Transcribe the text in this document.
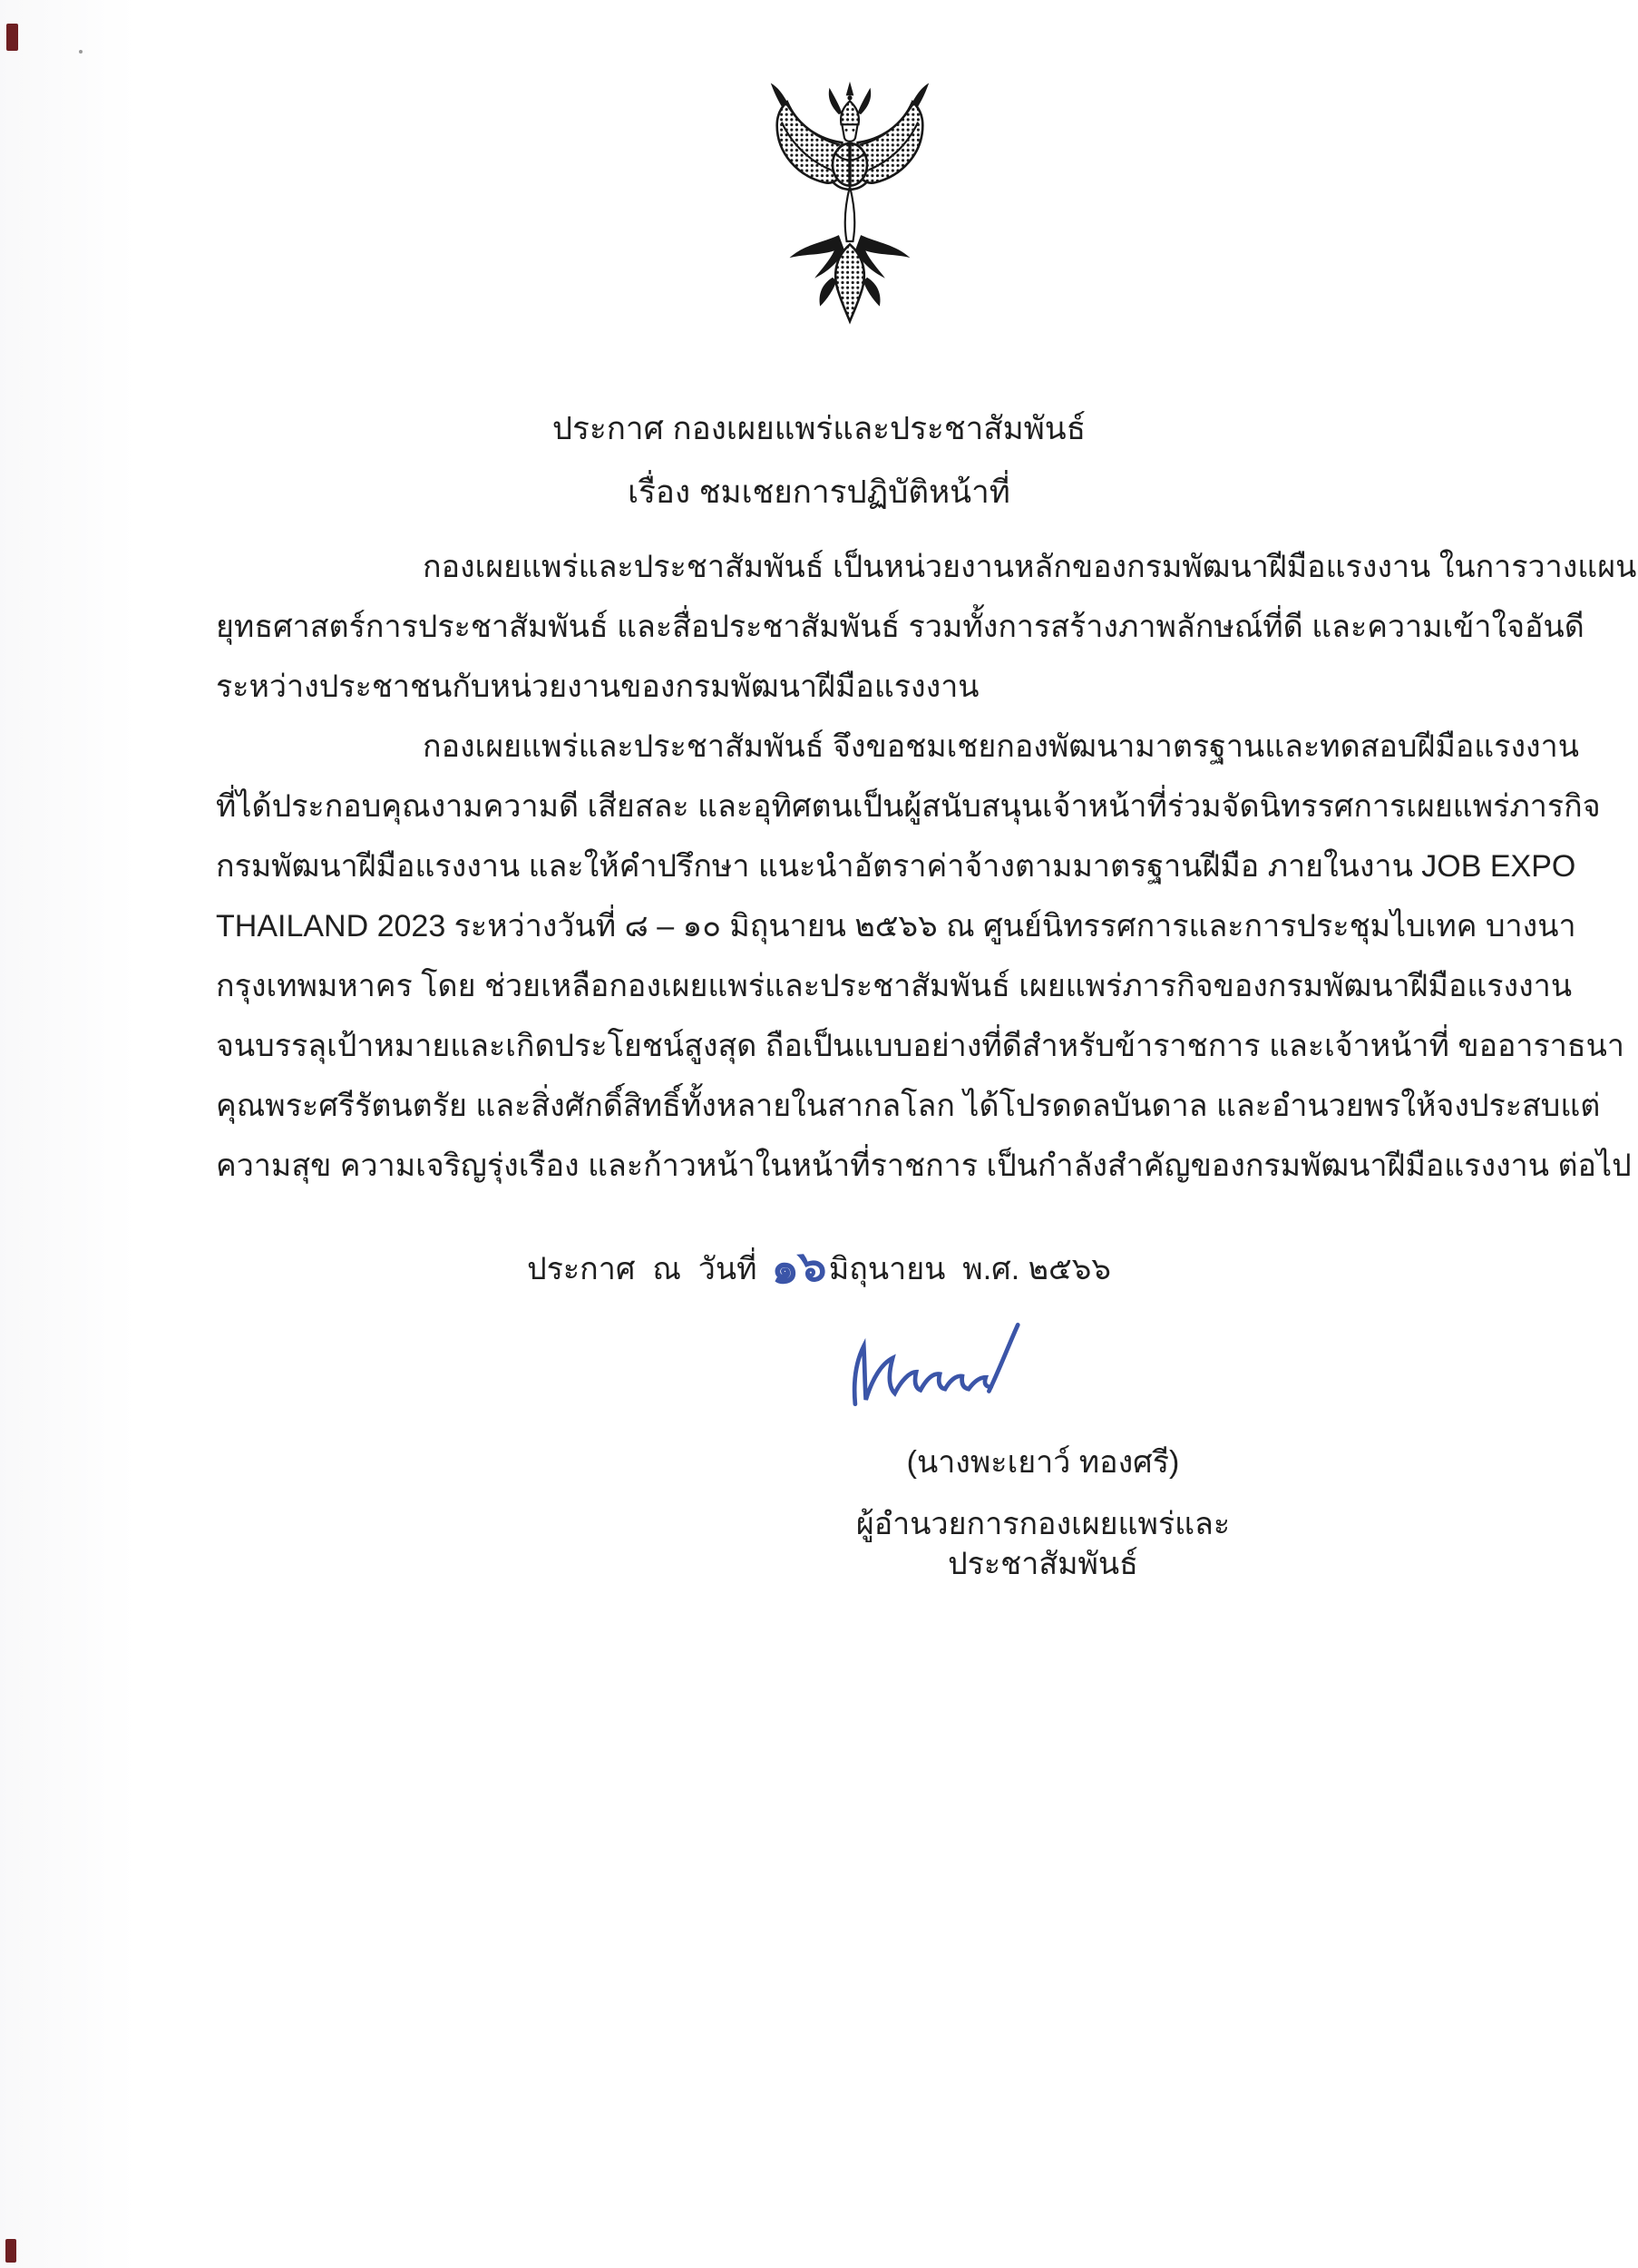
ประกาศ กองเผยแพร่และประชาสัมพันธ์
เรื่อง ชมเชยการปฏิบัติหน้าที่
กองเผยแพร่และประชาสัมพันธ์ เป็นหน่วยงานหลักของกรมพัฒนาฝีมือแรงงาน ในการวางแผน
ยุทธศาสตร์การประชาสัมพันธ์ และสื่อประชาสัมพันธ์ รวมทั้งการสร้างภาพลักษณ์ที่ดี และความเข้าใจอันดี
ระหว่างประชาชนกับหน่วยงานของกรมพัฒนาฝีมือแรงงาน
กองเผยแพร่และประชาสัมพันธ์ จึงขอชมเชยกองพัฒนามาตรฐานและทดสอบฝีมือแรงงาน
ที่ได้ประกอบคุณงามความดี เสียสละ และอุทิศตนเป็นผู้สนับสนุนเจ้าหน้าที่ร่วมจัดนิทรรศการเผยแพร่ภารกิจ
กรมพัฒนาฝีมือแรงงาน และให้คำปรึกษา แนะนำอัตราค่าจ้างตามมาตรฐานฝีมือ ภายในงาน JOB EXPO
THAILAND 2023 ระหว่างวันที่ ๘ – ๑๐ มิถุนายน ๒๕๖๖ ณ ศูนย์นิทรรศการและการประชุมไบเทค บางนา
กรุงเทพมหาคร โดย ช่วยเหลือกองเผยแพร่และประชาสัมพันธ์ เผยแพร่ภารกิจของกรมพัฒนาฝีมือแรงงาน
จนบรรลุเป้าหมายและเกิดประโยชน์สูงสุด ถือเป็นแบบอย่างที่ดีสำหรับข้าราชการ และเจ้าหน้าที่ ขออาราธนา
คุณพระศรีรัตนตรัย และสิ่งศักดิ์สิทธิ์ทั้งหลายในสากลโลก ได้โปรดดลบันดาล และอำนวยพรให้จงประสบแต่
ความสุข ความเจริญรุ่งเรือง และก้าวหน้าในหน้าที่ราชการ เป็นกำลังสำคัญของกรมพัฒนาฝีมือแรงงาน ต่อไป
ประกาศ  ณ  วันที่ ๑๖มิถุนายน  พ.ศ. ๒๕๖๖
(นางพะเยาว์ ทองศรี)
ผู้อำนวยการกองเผยแพร่และประชาสัมพันธ์
